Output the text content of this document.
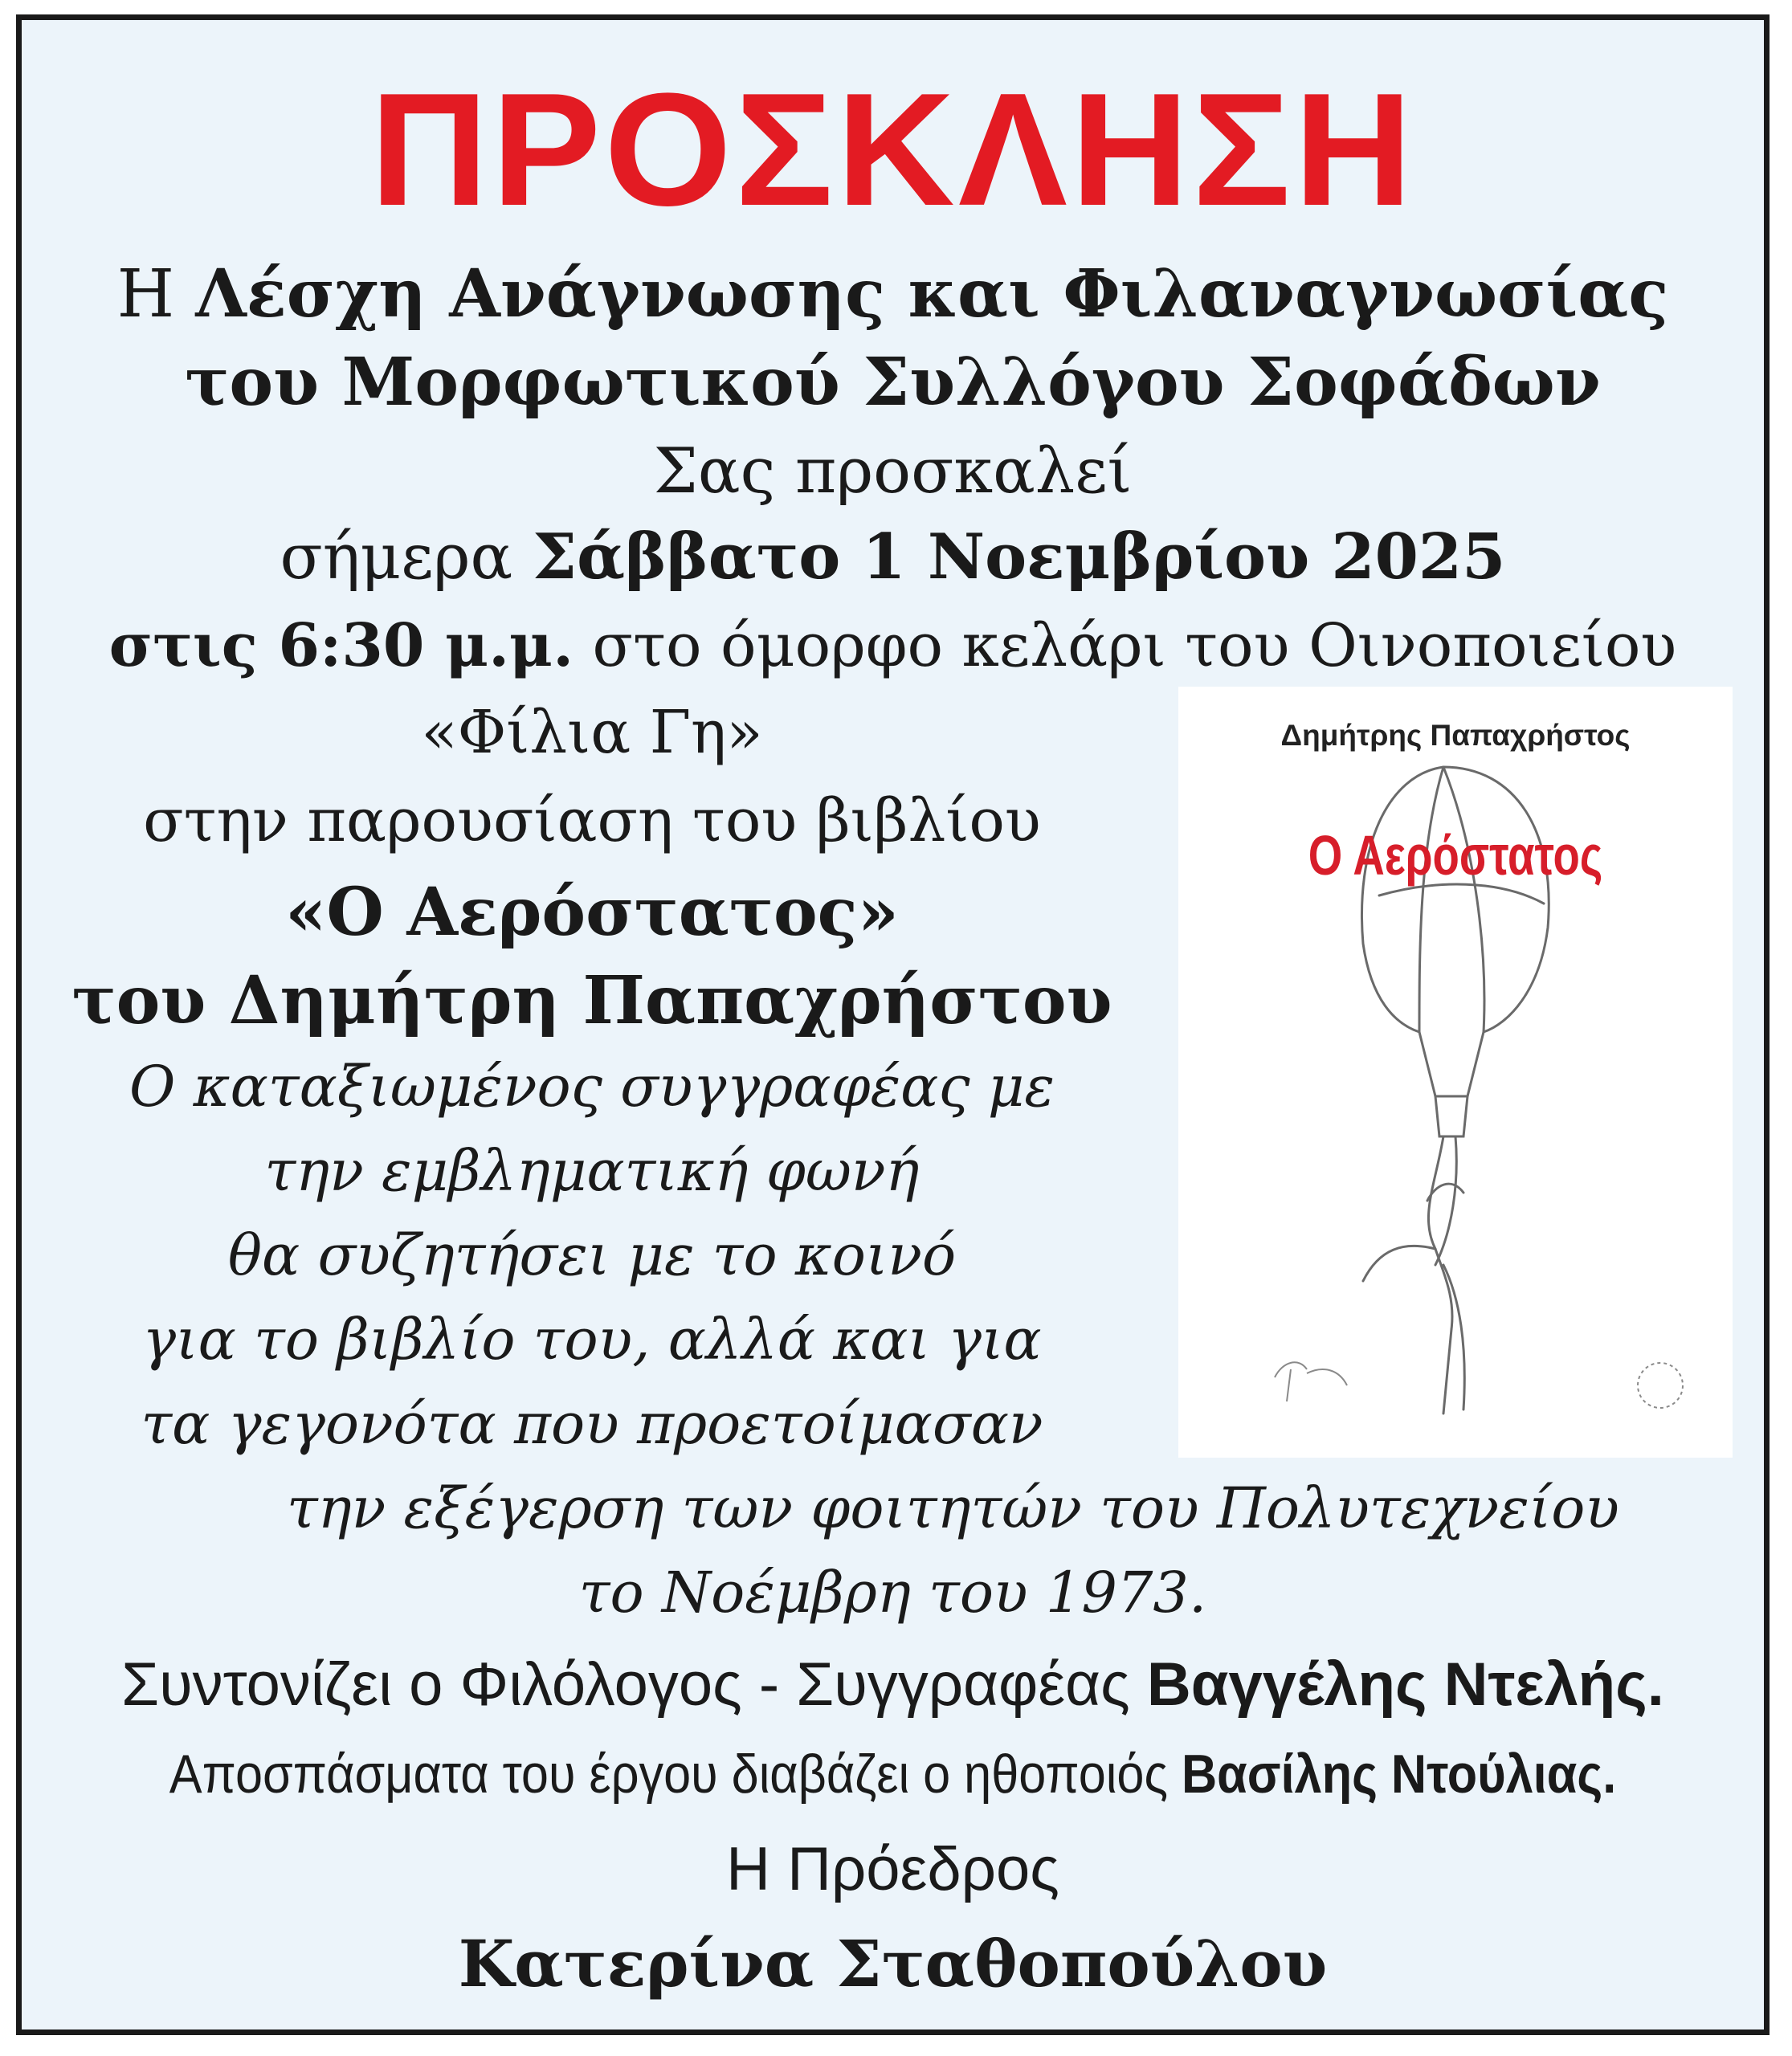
ΠΡΟΣΚΛΗΣΗ
Η Λέσχη Ανάγνωσης και Φιλαναγνωσίας
του Μορφωτικού Συλλόγου Σοφάδων
Σας προσκαλεί
σήμερα Σάββατο 1 Νοεμβρίου 2025
στις 6:30 μ.μ. στο όμορφο κελάρι του Οινοποιείου
«Φίλια Γη»
στην παρουσίαση του βιβλίου
«Ο Αερόστατος»
του Δημήτρη Παπαχρήστου
Ο καταξιωμένος συγγραφέας με
την εμβληματική φωνή
θα συζητήσει με το κοινό
για το βιβλίο του, αλλά και για
τα γεγονότα που προετοίμασαν
την εξέγερση των φοιτητών του Πολυτεχνείου
το Νοέμβρη του 1973.
Συντονίζει ο Φιλόλογος - Συγγραφέας Βαγγέλης Ντελής.
Αποσπάσματα του έργου διαβάζει ο ηθοποιός Βασίλης Ντούλιας.
Η Πρόεδρος
Κατερίνα Σταθοπούλου
Δημήτρης Παπαχρήστος
Ο Αερόστατος
